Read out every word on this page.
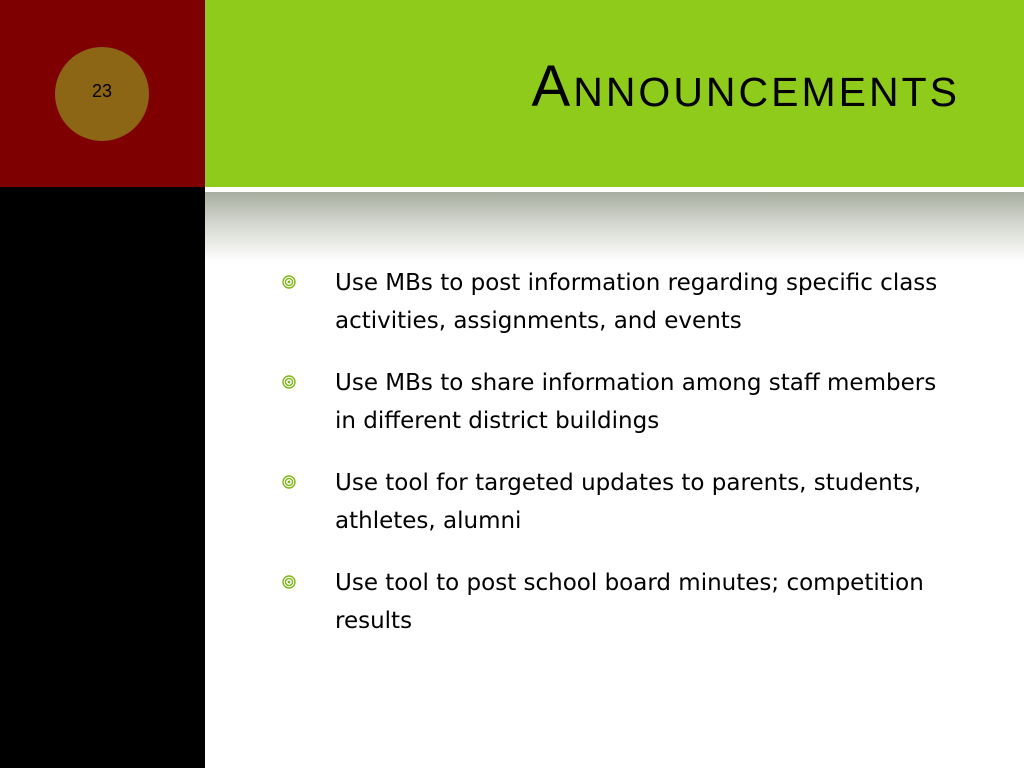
23	Announcements
Use MBs to post information regarding specific class activities, assignments, and events
Use MBs to share information among staff members in different district buildings
Use tool for targeted updates to parents, students, athletes, alumni
Use tool to post school board minutes; competition results
